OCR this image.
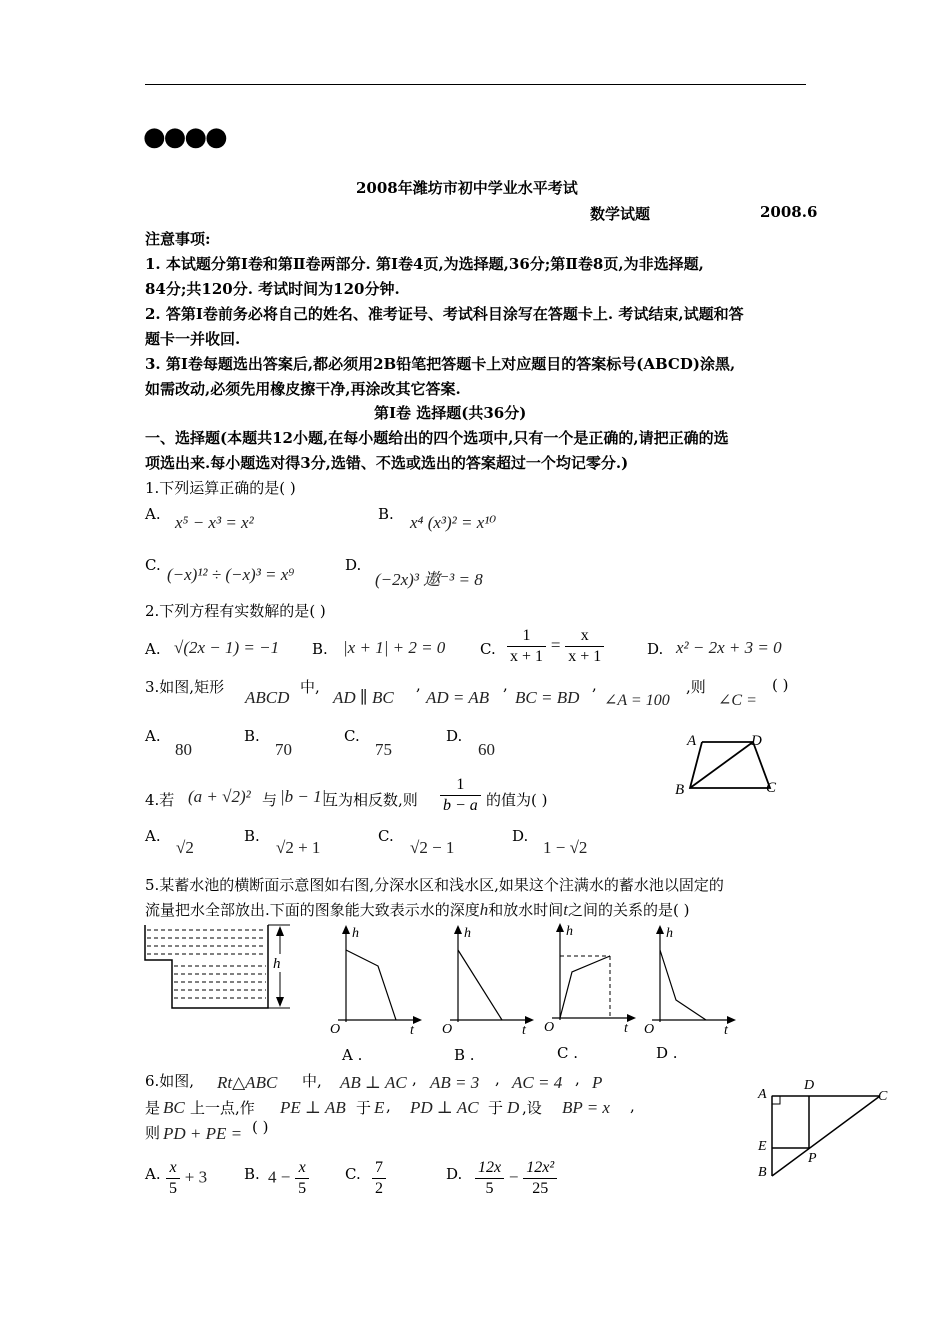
●●●●
2008年潍坊市初中学业水平考试
数学试题	2008.6
注意事项:
1. 本试题分第Ⅰ卷和第Ⅱ卷两部分. 第Ⅰ卷4页,为选择题,36分;第Ⅱ卷8页,为非选择题,
84分;共120分. 考试时间为120分钟.
2. 答第Ⅰ卷前务必将自己的姓名、准考证号、考试科目涂写在答题卡上. 考试结束,试题和答
题卡一并收回.
3. 第Ⅰ卷每题选出答案后,都必须用2B铅笔把答题卡上对应题目的答案标号(ABCD)涂黑,
如需改动,必须先用橡皮擦干净,再涂改其它答案.
第Ⅰ卷 选择题(共36分)
一、选择题(本题共12小题,在每小题给出的四个选项中,只有一个是正确的,请把正确的选
项选出来.每小题选对得3分,选错、不选或选出的答案超过一个均记零分.)
1.下列运算正确的是( )
A. x⁵ − x³ = x²	B. x⁴ (x³)² = x¹⁰
C. (−x)¹² ÷ (−x)³ = x⁹	D.
(−2x)³ 遨⁻³ = 8
2.下列方程有实数解的是( )
A. √(2x − 1) = −1 B. |x + 1| + 2 = 0 C. $\frac{1}{x + 1} = \frac{x}{x + 1}$	D. x² − 2x + 3 = 0
3.如图,矩形
ABCD
中,
AD ∥ BC
,
AD = AB
,
BC = BD
,
∠A = 100
,则
∠C =
( )
A.
80
B.
70
C.
75
D.
60	A	D
B	C
4.若 (a + √2)² 与 |b − 1|
互为相反数,则 $\frac{1}{b - a}$ 的值为( )
A.
√2
B.
√2 + 1
C.
√2 − 1
D.
1 − √2
5.某蓄水池的横断面示意图如右图,分深水区和浅水区,如果这个注满水的蓄水池以固定的
流量把水全部放出.下面的图象能大致表示水的深度h和放水时间t之间的关系的是( )
h
h
O	t
h
O	t
h
O	t
h
O	t
A .	B .	C .	D .
6.如图, Rt△ABC 中, AB ⊥ AC , AB = 3 , AC = 4 , P
是 BC 上一点,作 PE ⊥ AB 于 E , PD ⊥ AC 于 D ,设 BP = x ,
则 PD + PE = ( )
A. $\frac{x}{5} + 3$ B. $4 - \frac{x}{5} C$. $\frac{7}{2}$	D. $\frac{12x}{5} - \frac{\text{12x²}}{25}$
A
D
C
E
P
B
